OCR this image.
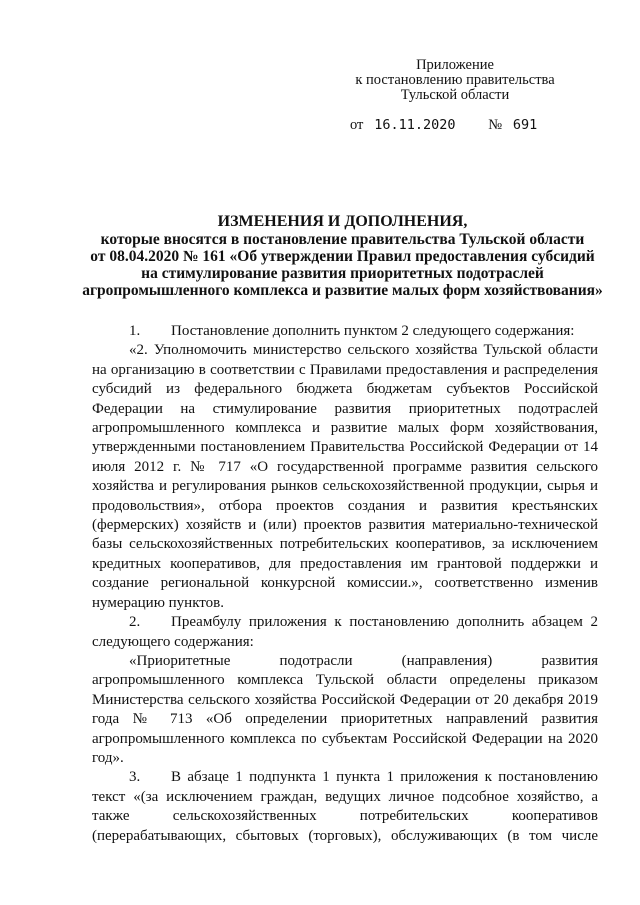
Приложение
к постановлению правительства
Тульской области
от 16.11.2020 № 691
ИЗМЕНЕНИЯ И ДОПОЛНЕНИЯ,
которые вносятся в постановление правительства Тульской области
от 08.04.2020 № 161 «Об утверждении Правил предоставления субсидий
на стимулирование развития приоритетных подотраслей
агропромышленного комплекса и развитие малых форм хозяйствования»

1. Постановление дополнить пунктом 2 следующего содержания:

«2. Уполномочить министерство сельского хозяйства Тульской области на организацию в соответствии с Правилами предоставления и распределения субсидий из федерального бюджета бюджетам субъектов Российской Федерации на стимулирование развития приоритетных подотраслей агропромышленного комплекса и развитие малых форм хозяйствования, утвержденными постановлением Правительства Российской Федерации от 14 июля 2012 г. № 717 «О государственной программе развития сельского хозяйства и регулирования рынков сельскохозяйственной продукции, сырья и продовольствия», отбора проектов создания и развития крестьянских (фермерских) хозяйств и (или) проектов развития материально-технической базы сельскохозяйственных потребительских кооперативов, за исключением кредитных кооперативов, для предоставления им грантовой поддержки и создание региональной конкурсной комиссии.», соответственно изменив нумерацию пунктов.

2. Преамбулу приложения к постановлению дополнить абзацем 2 следующего содержания:

«Приоритетные подотрасли (направления) развития агропромышленного комплекса Тульской области определены приказом Министерства сельского хозяйства Российской Федерации от 20 декабря 2019 года № 713 «Об определении приоритетных направлений развития агропромышленного комплекса по субъектам Российской Федерации на 2020 год».

3. В абзаце 1 подпункта 1 пункта 1 приложения к постановлению текст «(за исключением граждан, ведущих личное подсобное хозяйство, а также сельскохозяйственных потребительских кооперативов (перерабатывающих, сбытовых (торговых), обслуживающих (в том числе
